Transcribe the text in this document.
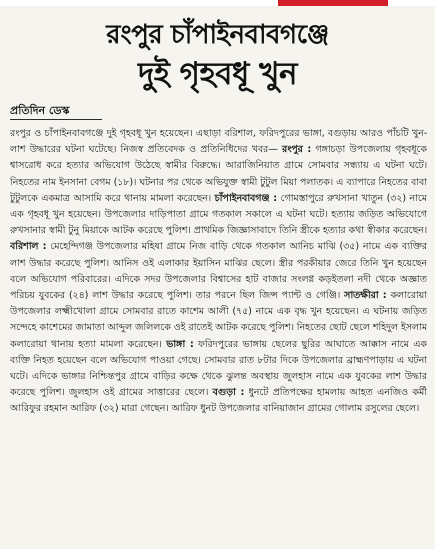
রংপুর চাঁপাইনবাবগঞ্জে
দুই গৃহবধূ খুন
প্রতিদিন ডেস্ক

রংপুর ও চাঁপাইনবাবগঞ্জে দুই গৃহবধূ খুন হয়েছেন। এছাড়া বরিশাল, ফরিদপুরের ভাঙ্গা, বগুড়ায় আরও পাঁচটি খুন-লাশ উদ্ধারের ঘটনা ঘটেছে। নিজস্ব প্রতিবেদক ও প্রতিনিধিদের খবর— রংপুর : গঙ্গাচড়া উপজেলায় গৃহবধূকে শ্বাসরোধ করে হত্যার অভিযোগ উঠেছে স্বামীর বিরুদ্ধে। আরাজিনিয়াত গ্রামে সোমবার সন্ধ্যায় এ ঘটনা ঘটে। নিহতের নাম ইনসানা বেগম (১৮)। ঘটনার পর থেকে অভিযুক্ত স্বামী টুটুল মিয়া পলাতক। এ ব্যাপারে নিহতের বাবা টুটুলকে একমাত্র আসামি করে থানায় মামলা করেছেন। চাঁপাইনবাবগঞ্জ : গোমস্তাপুরে রুখসানা খাতুন (৩২) নামে এক গৃহবধূ খুন হয়েছেন। উপজেলার দাড়িপাতা গ্রামে গতকাল সকালে এ ঘটনা ঘটে। হত্যায় জড়িত অভিযোগে রুখসানার স্বামী টুনু মিয়াকে আটক করেছে পুলিশ। প্রাথমিক জিজ্ঞাসাবাদে তিনি স্ত্রীকে হত্যার কথা স্বীকার করেছেন। বরিশাল : মেহেন্দিগঞ্জ উপজেলার মহিষা গ্রামে নিজ বাড়ি থেকে গতকাল আনিচ মাঝি (৩৫) নামে এক ব্যক্তির লাশ উদ্ধার করেছে পুলিশ। আনিস ওই এলাকার ইয়াসিন মাঝির ছেলে। স্ত্রীর পরকীয়ার জেরে তিনি খুন হয়েছেন বলে অভিযোগ পরিবারের। এদিকে সদর উপজেলার বিশ্বাসের হাট বাজার সংলগ্ন কড়ইতলা নদী থেকে অজ্ঞাত পরিচয় যুবকের (২৪) লাশ উদ্ধার করেছে পুলিশ। তার পরনে ছিল জিন্স প্যান্ট ও গেঞ্জি। সাতক্ষীরা : কলারোয়া উপজেলার লক্ষ্মীখোলা গ্রামে সোমবার রাতে কাশেম আলী (৭৫) নামে এক বৃদ্ধ খুন হয়েছেন। এ ঘটনায় জড়িত সন্দেহে কাশেমের জামাতা আব্দুল জলিলকে ওই রাতেই আটক করেছে পুলিশ। নিহতের ছোট ছেলে শহিদুল ইসলাম কলারোয়া থানায় হত্যা মামলা করেছেন। ভাঙ্গা : ফরিদপুরের ভাঙ্গায় ছেলের ছুরির আঘাতে আক্কাস নামে এক ব্যক্তি নিহত হয়েছেন বলে অভিযোগ পাওয়া গেছে। সোমবার রাত ৮টার দিকে উপজেলার ব্রাহ্মণপাড়ায় এ ঘটনা ঘটে। এদিকে ভাঙ্গার নিশ্চিন্তপুর গ্রামে বাড়ির কক্ষে থেকে ঝুলন্ত অবস্থায় জুলহাস নামে এক যুবকের লাশ উদ্ধার করেছে পুলিশ। জুলহাস ওই গ্রামের সাত্তারের ছেলে। বগুড়া : ধুনটে প্রতিপক্ষের হামলায় আহত এনজিও কর্মী আরিফুর রহমান আরিফ (৩২) মারা গেছেন। আরিফ ধুনট উপজেলার বানিয়াজান গ্রামের গোলাম রসুলের ছেলে।
